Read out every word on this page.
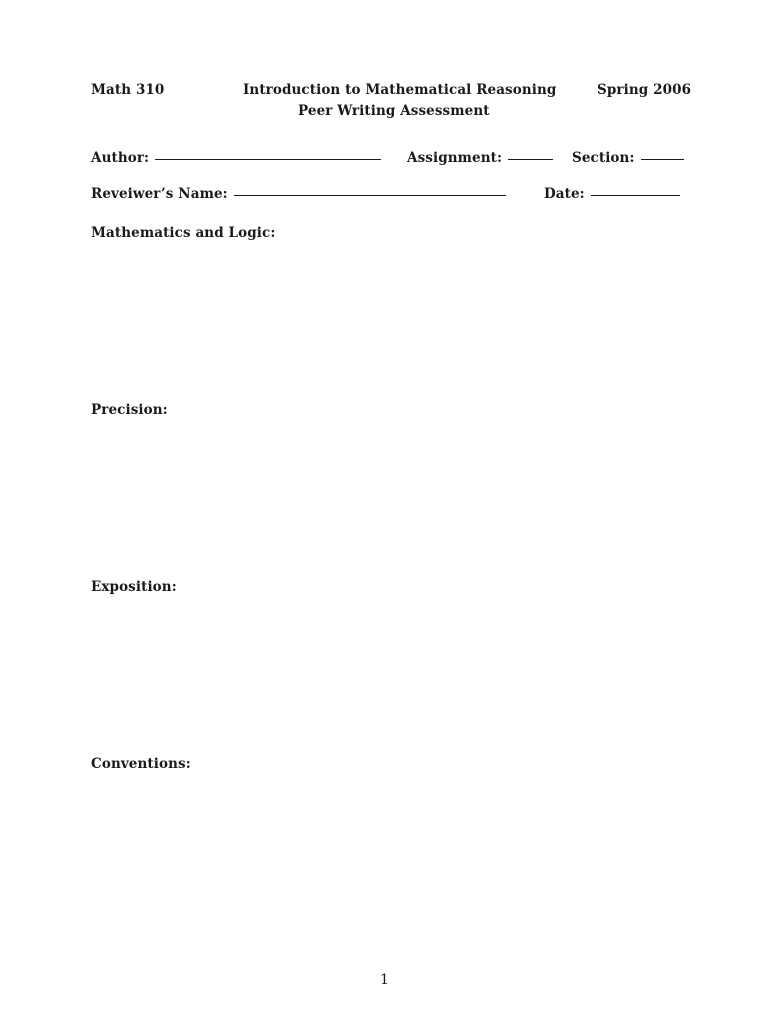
Math 310	Introduction to Mathematical Reasoning	Spring 2006
Peer Writing Assessment
Author:	Assignment:	Section:
Reveiwer’s Name:	Date:
Mathematics and Logic:
Precision:
Exposition:
Conventions:
1
